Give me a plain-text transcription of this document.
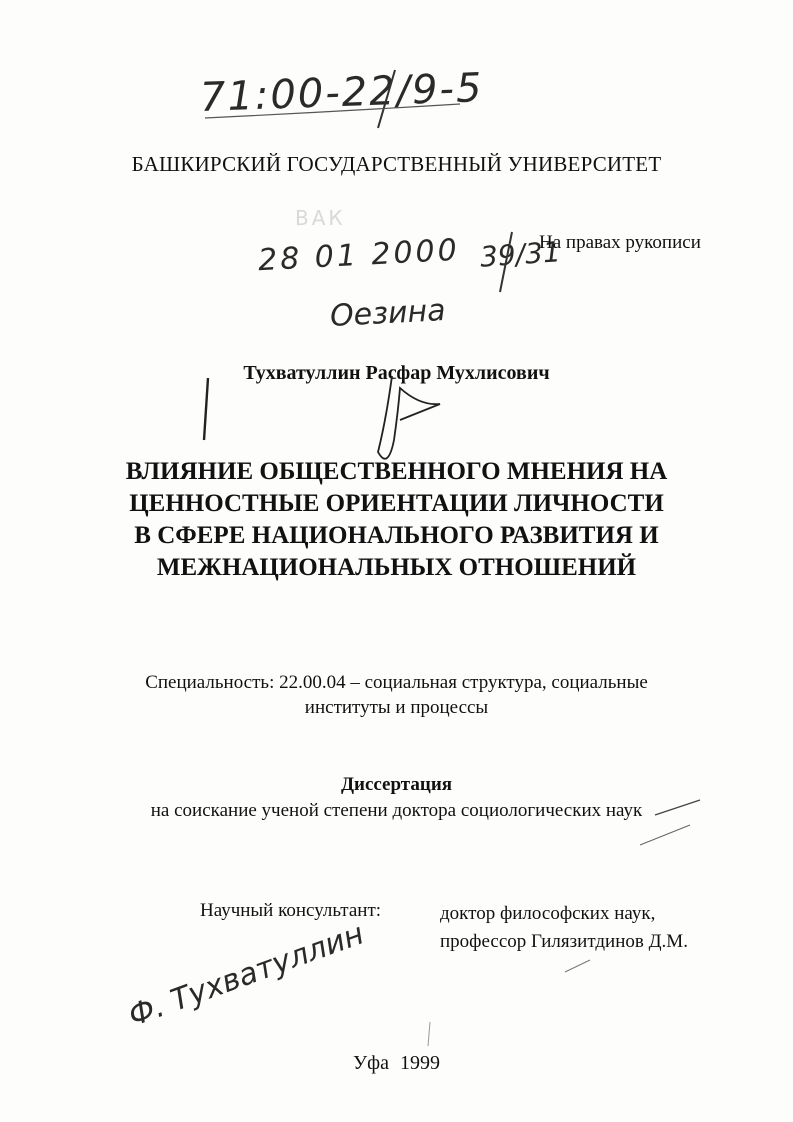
71:00-22/9-5
БАШКИРСКИЙ ГОСУДАРСТВЕННЫЙ УНИВЕРСИТЕТ
ВАК
28 01 2000 39/31
На правах рукописи
Оезина
Тухватуллин Расфар Мухлисович
ВЛИЯНИЕ ОБЩЕСТВЕННОГО МНЕНИЯ НА
ЦЕННОСТНЫЕ ОРИЕНТАЦИИ ЛИЧНОСТИ
В СФЕРЕ НАЦИОНАЛЬНОГО РАЗВИТИЯ И
МЕЖНАЦИОНАЛЬНЫХ ОТНОШЕНИЙ
Специальность: 22.00.04 – социальная структура, социальные
институты и процессы
Диссертация
на соискание ученой степени доктора социологических наук
Научный консультант:	доктор философских наук,
профессор Гилязитдинов Д.М.
Ф. Тухватуллин
Уфа 1999
